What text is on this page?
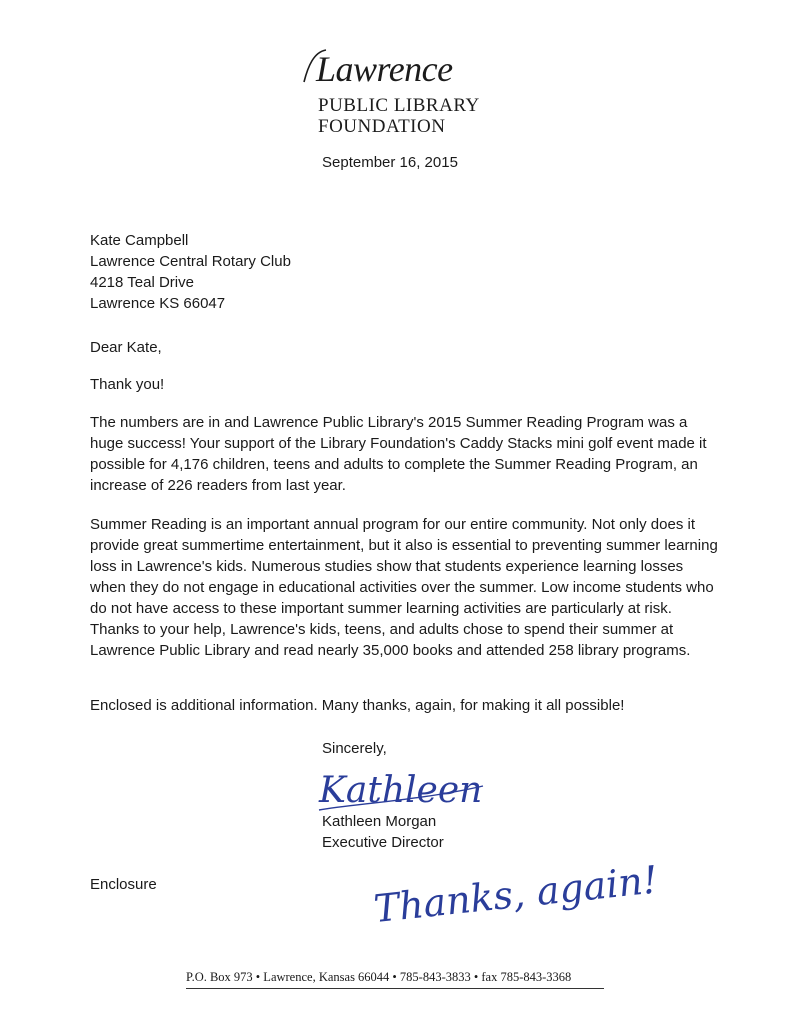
Lawrence
PUBLIC LIBRARY
FOUNDATION
September 16, 2015
Kate Campbell
Lawrence Central Rotary Club
4218 Teal Drive
Lawrence KS 66047
Dear Kate,
Thank you!

The numbers are in and Lawrence Public Library's 2015 Summer Reading Program was a huge success! Your support of the Library Foundation's Caddy Stacks mini golf event made it possible for 4,176 children, teens and adults to complete the Summer Reading Program, an increase of 226 readers from last year.

Summer Reading is an important annual program for our entire community. Not only does it provide great summertime entertainment, but it also is essential to preventing summer learning loss in Lawrence's kids. Numerous studies show that students experience learning losses when they do not engage in educational activities over the summer. Low income students who do not have access to these important summer learning activities are particularly at risk. Thanks to your help, Lawrence's kids, teens, and adults chose to spend their summer at Lawrence Public Library and read nearly 35,000 books and attended 258 library programs.

Enclosed is additional information. Many thanks, again, for making it all possible!

Sincerely,
Kathleen
Kathleen Morgan
Executive Director
Enclosure	Thanks, again!
P.O. Box 973 • Lawrence, Kansas 66044 • 785-843-3833 • fax 785-843-3368
